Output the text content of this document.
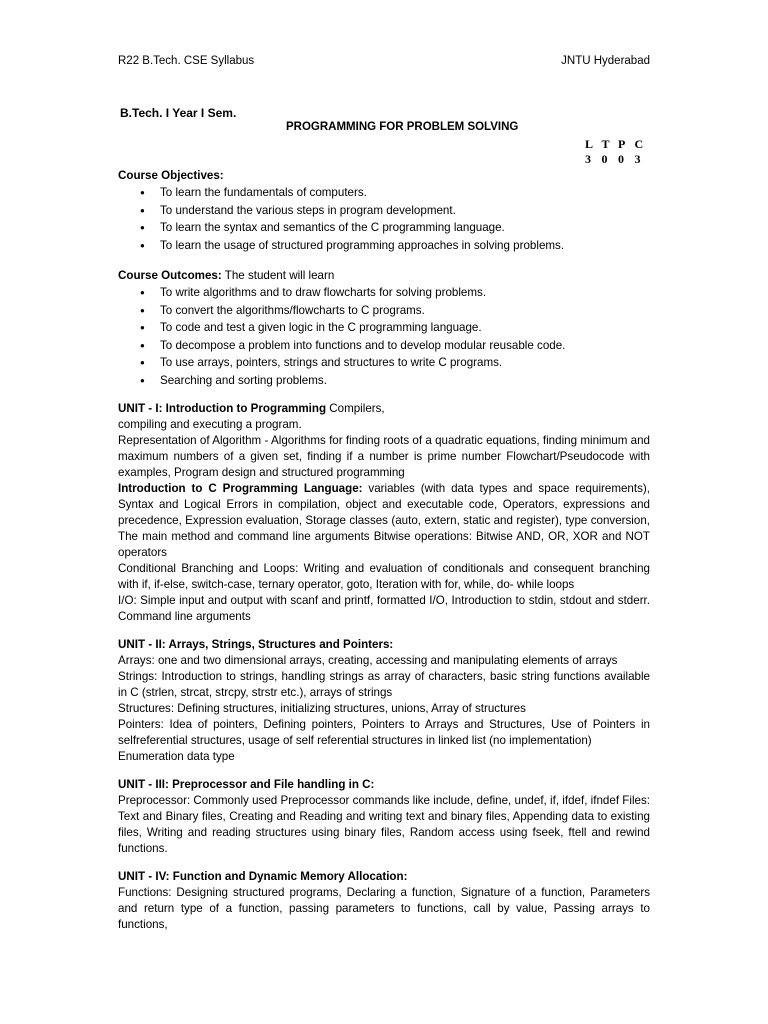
R22 B.Tech. CSE Syllabus	JNTU Hyderabad
B.Tech. I Year I Sem.
PROGRAMMING FOR PROBLEM SOLVING
L T P C
3 0 0 3

Course Objectives:

● To learn the fundamentals of computers.
● To understand the various steps in program development.
● To learn the syntax and semantics of the C programming language.
● To learn the usage of structured programming approaches in solving problems.

Course Outcomes: The student will learn

● To write algorithms and to draw flowcharts for solving problems.
● To convert the algorithms/flowcharts to C programs.
● To code and test a given logic in the C programming language.
● To decompose a problem into functions and to develop modular reusable code.
● To use arrays, pointers, strings and structures to write C programs.
● Searching and sorting problems.

UNIT - I: Introduction to Programming Compilers,

compiling and executing a program.

Representation of Algorithm - Algorithms for finding roots of a quadratic equations, finding minimum and maximum numbers of a given set, finding if a number is prime number Flowchart/Pseudocode with examples, Program design and structured programming

Introduction to C Programming Language: variables (with data types and space requirements), Syntax and Logical Errors in compilation, object and executable code, Operators, expressions and precedence, Expression evaluation, Storage classes (auto, extern, static and register), type conversion, The main method and command line arguments Bitwise operations: Bitwise AND, OR, XOR and NOT operators

Conditional Branching and Loops: Writing and evaluation of conditionals and consequent branching with if, if-else, switch-case, ternary operator, goto, Iteration with for, while, do- while loops

I/O: Simple input and output with scanf and printf, formatted I/O, Introduction to stdin, stdout and stderr. Command line arguments

UNIT - II: Arrays, Strings, Structures and Pointers:

Arrays: one and two dimensional arrays, creating, accessing and manipulating elements of arrays

Strings: Introduction to strings, handling strings as array of characters, basic string functions available in C (strlen, strcat, strcpy, strstr etc.), arrays of strings

Structures: Defining structures, initializing structures, unions, Array of structures

Pointers: Idea of pointers, Defining pointers, Pointers to Arrays and Structures, Use of Pointers in selfreferential structures, usage of self referential structures in linked list (no implementation)

Enumeration data type

UNIT - III: Preprocessor and File handling in C:

Preprocessor: Commonly used Preprocessor commands like include, define, undef, if, ifdef, ifndef Files: Text and Binary files, Creating and Reading and writing text and binary files, Appending data to existing files, Writing and reading structures using binary files, Random access using fseek, ftell and rewind functions.

UNIT - IV: Function and Dynamic Memory Allocation:

Functions: Designing structured programs, Declaring a function, Signature of a function, Parameters and return type of a function, passing parameters to functions, call by value, Passing arrays to functions,
